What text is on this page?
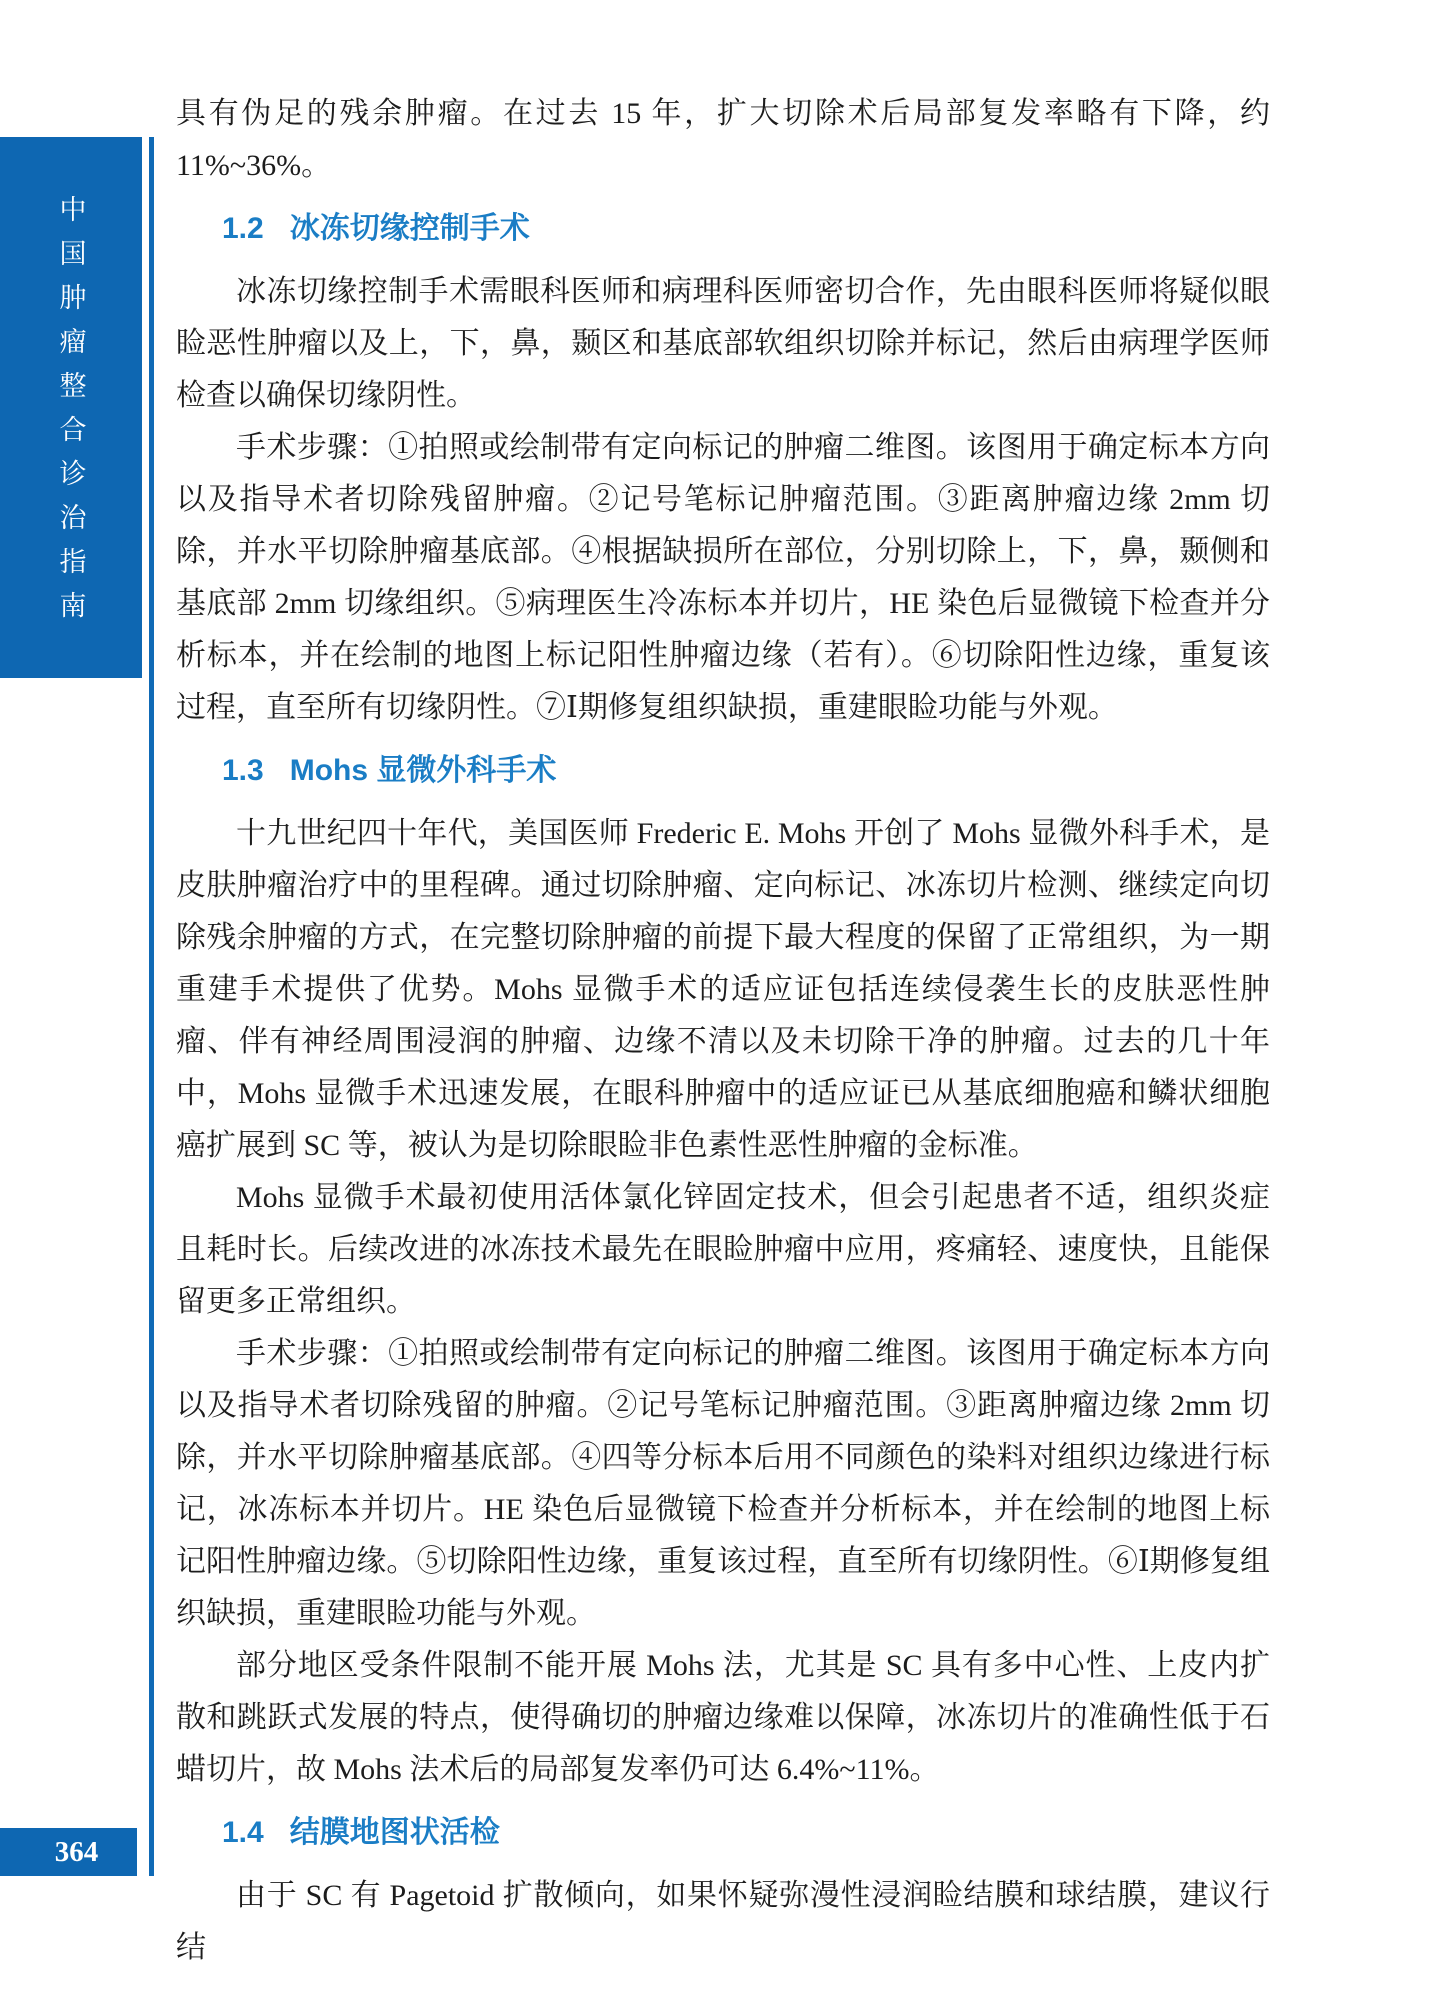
中国肿瘤整合诊治指南
364

具有伪足的残余肿瘤。在过去 15 年，扩大切除术后局部复发率略有下降，约 11%~36%。

1.2 冰冻切缘控制手术

冰冻切缘控制手术需眼科医师和病理科医师密切合作，先由眼科医师将疑似眼睑恶性肿瘤以及上，下，鼻，颞区和基底部软组织切除并标记，然后由病理学医师检查以确保切缘阴性。

手术步骤：①拍照或绘制带有定向标记的肿瘤二维图。该图用于确定标本方向以及指导术者切除残留肿瘤。②记号笔标记肿瘤范围。③距离肿瘤边缘 2mm 切除，并水平切除肿瘤基底部。④根据缺损所在部位，分别切除上，下，鼻，颞侧和基底部 2mm 切缘组织。⑤病理医生冷冻标本并切片，HE 染色后显微镜下检查并分析标本，并在绘制的地图上标记阳性肿瘤边缘（若有）。⑥切除阳性边缘，重复该过程，直至所有切缘阴性。⑦Ⅰ期修复组织缺损，重建眼睑功能与外观。

1.3 Mohs 显微外科手术

十九世纪四十年代，美国医师 Frederic E. Mohs 开创了 Mohs 显微外科手术，是皮肤肿瘤治疗中的里程碑。通过切除肿瘤、定向标记、冰冻切片检测、继续定向切除残余肿瘤的方式，在完整切除肿瘤的前提下最大程度的保留了正常组织，为一期重建手术提供了优势。Mohs 显微手术的适应证包括连续侵袭生长的皮肤恶性肿瘤、伴有神经周围浸润的肿瘤、边缘不清以及未切除干净的肿瘤。过去的几十年中，Mohs 显微手术迅速发展，在眼科肿瘤中的适应证已从基底细胞癌和鳞状细胞癌扩展到 SC 等，被认为是切除眼睑非色素性恶性肿瘤的金标准。

Mohs 显微手术最初使用活体氯化锌固定技术，但会引起患者不适，组织炎症且耗时长。后续改进的冰冻技术最先在眼睑肿瘤中应用，疼痛轻、速度快，且能保留更多正常组织。

手术步骤：①拍照或绘制带有定向标记的肿瘤二维图。该图用于确定标本方向以及指导术者切除残留的肿瘤。②记号笔标记肿瘤范围。③距离肿瘤边缘 2mm 切除，并水平切除肿瘤基底部。④四等分标本后用不同颜色的染料对组织边缘进行标记，冰冻标本并切片。HE 染色后显微镜下检查并分析标本，并在绘制的地图上标记阳性肿瘤边缘。⑤切除阳性边缘，重复该过程，直至所有切缘阴性。⑥Ⅰ期修复组织缺损，重建眼睑功能与外观。

部分地区受条件限制不能开展 Mohs 法，尤其是 SC 具有多中心性、上皮内扩散和跳跃式发展的特点，使得确切的肿瘤边缘难以保障，冰冻切片的准确性低于石蜡切片，故 Mohs 法术后的局部复发率仍可达 6.4%~11%。

1.4 结膜地图状活检

由于 SC 有 Pagetoid 扩散倾向，如果怀疑弥漫性浸润睑结膜和球结膜，建议行结
